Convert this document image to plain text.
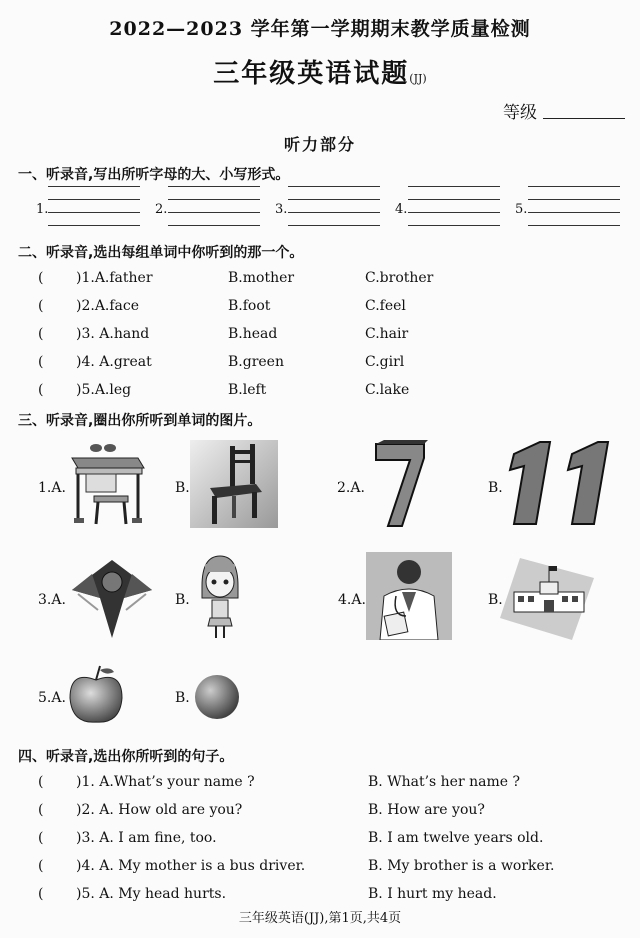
2022—2023 学年第一学期期末教学质量检测
三年级英语试题(JJ)
等级
听力部分
一、听录音,写出所听字母的大、小写形式。
1.	2.	3.	4.	5.
二、听录音,选出每组单词中你听到的那一个。
( )1.A.father	B.mother	C.brother
( )2.A.face	B.foot	C.feel
( )3. A.hand	B.head	C.hair
( )4. A.great	B.green	C.girl
( )5.A.leg	B.left	C.lake
三、听录音,圈出你所听到单词的图片。
1.A.	B.	2.A.	B.
3.A.	B.	4.A.	B.
5.A.	B.
四、听录音,选出你所听到的句子。
( )1. A.What’s your name ?	B. What’s her name ?
( )2. A. How old are you?	B. How are you?
( )3. A. I am fine, too.	B. I am twelve years old.
( )4. A. My mother is a bus driver.	B. My brother is a worker.
( )5. A. My head hurts.	B. I hurt my head.
三年级英语(JJ),第1页,共4页
